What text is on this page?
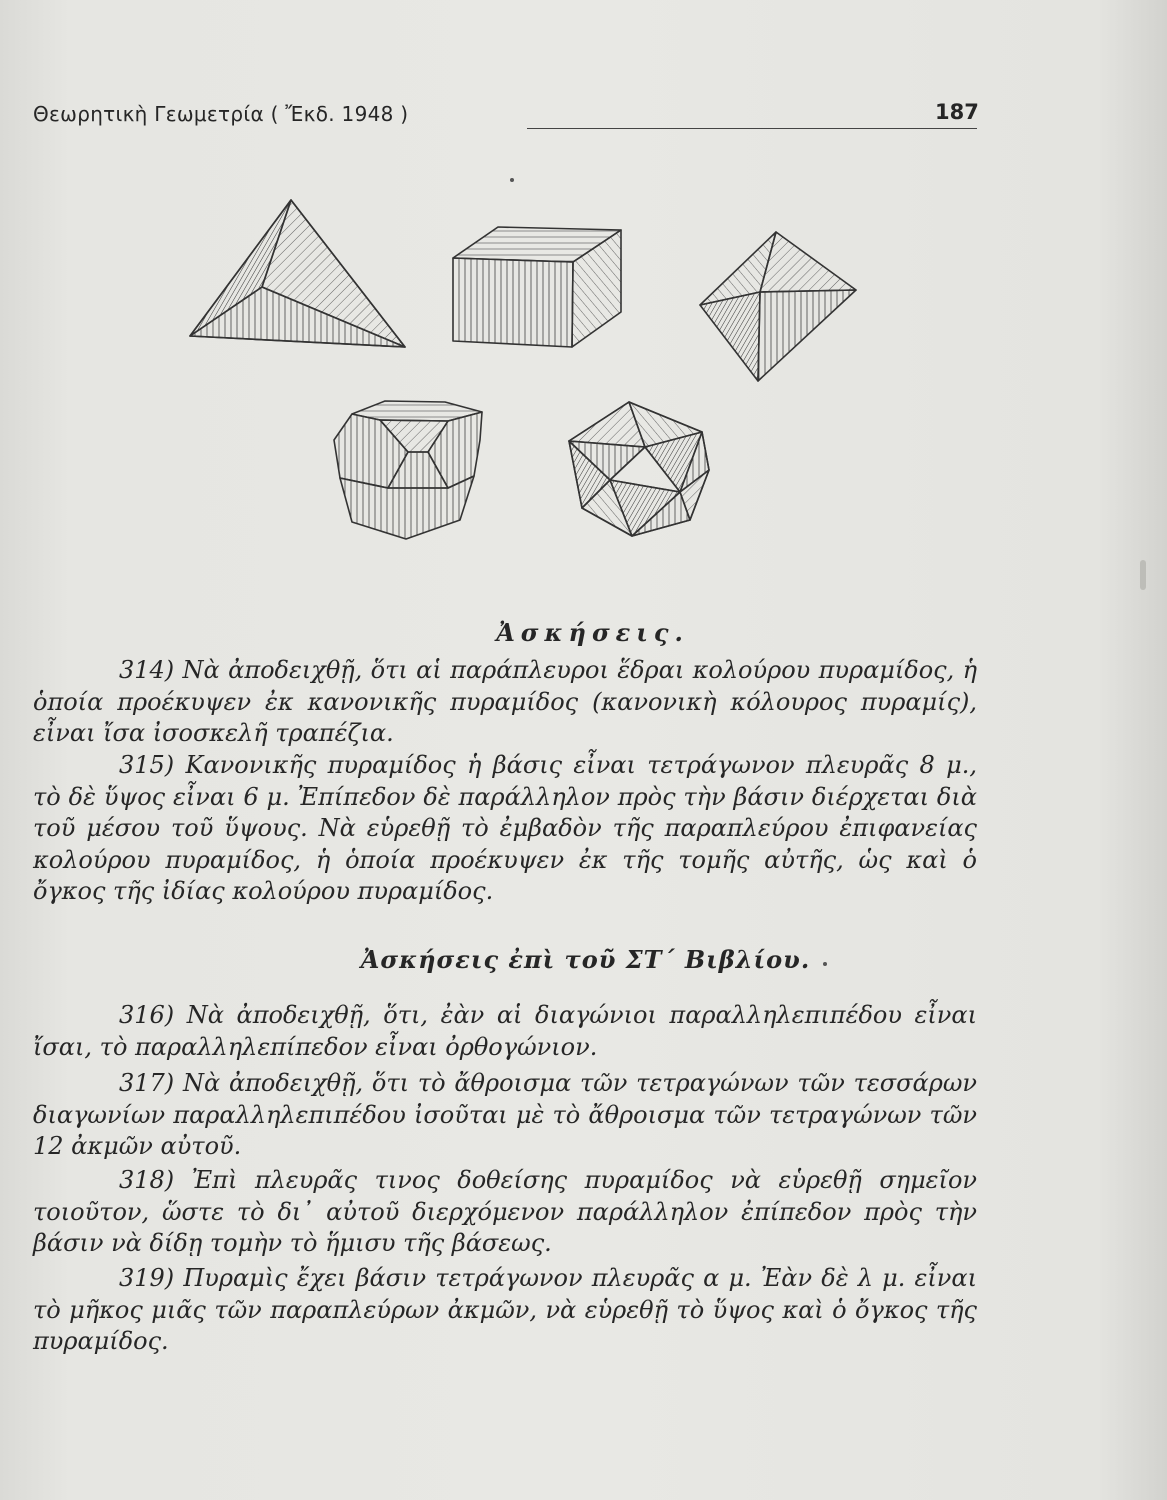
Θεωρητικὴ Γεωμετρία ( Ἔκδ. 1948 )	187
Ἀσκήσεις.

314) Νὰ ἀποδειχθῇ, ὅτι αἱ παράπλευροι ἕδραι κολούρου πυραμίδος, ἡ ὁποία προέκυψεν ἐκ κανονικῆς πυραμίδος (κανονικὴ κόλουρος πυραμίς), εἶναι ἴσα ἰσοσκελῆ τραπέζια.

315) Κανονικῆς πυραμίδος ἡ βάσις εἶναι τετράγωνον πλευρᾶς 8 μ., τὸ δὲ ὕψος εἶναι 6 μ. Ἐπίπεδον δὲ παράλληλον πρὸς τὴν βάσιν διέρχεται διὰ τοῦ μέσου τοῦ ὕψους. Νὰ εὑρεθῇ τὸ ἐμβαδὸν τῆς παραπλεύρου ἐπιφανείας κολούρου πυραμίδος, ἡ ὁποία προέκυψεν ἐκ τῆς τομῆς αὐτῆς, ὡς καὶ ὁ ὄγκος τῆς ἰδίας κολούρου πυραμίδος.

Ἀσκήσεις ἐπὶ τοῦ ΣΤ΄ Βιβλίου.

316) Νὰ ἀποδειχθῇ, ὅτι, ἐὰν αἱ διαγώνιοι παραλληλεπιπέδου εἶναι ἴσαι, τὸ παραλληλεπίπεδον εἶναι ὀρθογώνιον.

317) Νὰ ἀποδειχθῇ, ὅτι τὸ ἄθροισμα τῶν τετραγώνων τῶν τεσσάρων διαγωνίων παραλληλεπιπέδου ἰσοῦται μὲ τὸ ἄθροισμα τῶν τετραγώνων τῶν 12 ἀκμῶν αὐτοῦ.

318) Ἐπὶ πλευρᾶς τινος δοθείσης πυραμίδος νὰ εὑρεθῇ σημεῖον τοιοῦτον, ὥστε τὸ δι᾿ αὐτοῦ διερχόμενον παράλληλον ἐπίπεδον πρὸς τὴν βάσιν νὰ δίδῃ τομὴν τὸ ἥμισυ τῆς βάσεως.

319) Πυραμὶς ἔχει βάσιν τετράγωνον πλευρᾶς α μ. Ἐὰν δὲ λ μ. εἶναι τὸ μῆκος μιᾶς τῶν παραπλεύρων ἀκμῶν, νὰ εὑρεθῇ τὸ ὕψος καὶ ὁ ὄγκος τῆς πυραμίδος.
